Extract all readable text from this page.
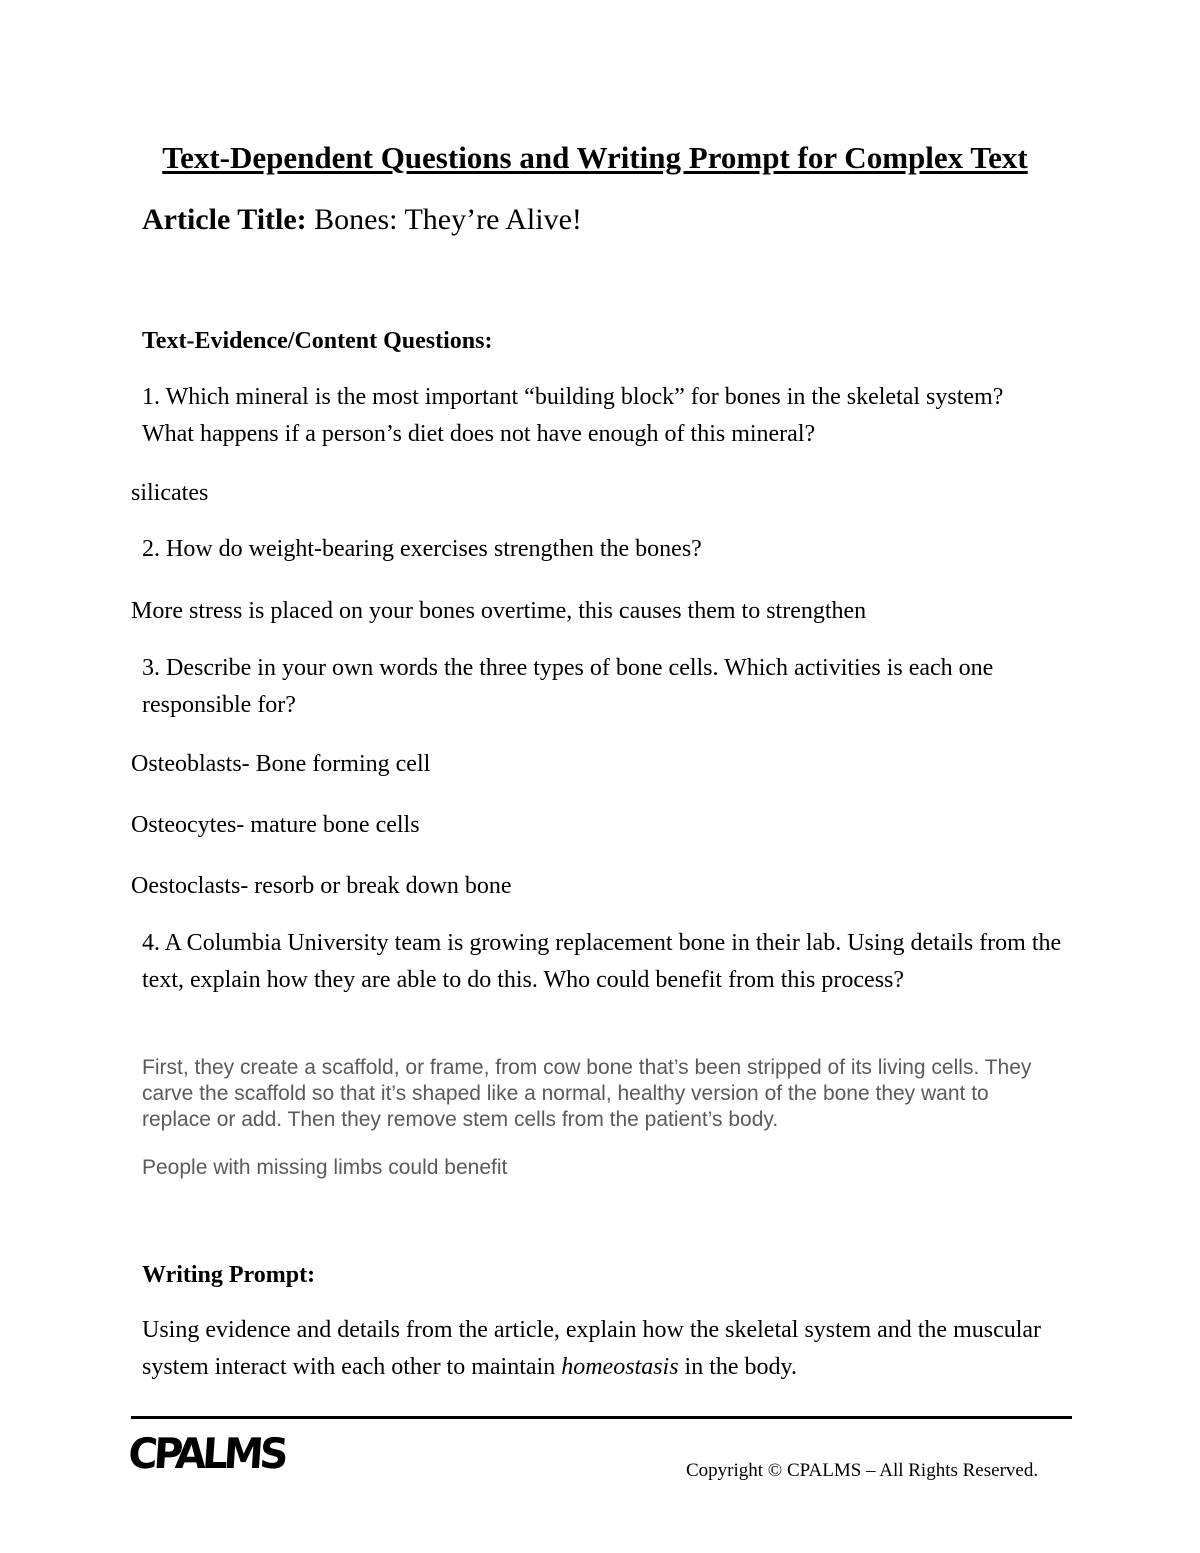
Text-Dependent Questions and Writing Prompt for Complex Text
Article Title: Bones: They’re Alive!
Text-Evidence/Content Questions:
1. Which mineral is the most important “building block” for bones in the skeletal system? What happens if a person’s diet does not have enough of this mineral?
silicates
2. How do weight-bearing exercises strengthen the bones?
More stress is placed on your bones overtime, this causes them to strengthen
3. Describe in your own words the three types of bone cells. Which activities is each one responsible for?
Osteoblasts- Bone forming cell
Osteocytes- mature bone cells
Oestoclasts- resorb or break down bone
4. A Columbia University team is growing replacement bone in their lab. Using details from the text, explain how they are able to do this. Who could benefit from this process?
First, they create a scaffold, or frame, from cow bone that’s been stripped of its living cells. They carve the scaffold so that it’s shaped like a normal, healthy version of the bone they want to replace or add. Then they remove stem cells from the patient’s body.
People with missing limbs could benefit
Writing Prompt:
Using evidence and details from the article, explain how the skeletal system and the muscular system interact with each other to maintain homeostasis in the body.
CPALMS	Copyright © CPALMS – All Rights Reserved.
